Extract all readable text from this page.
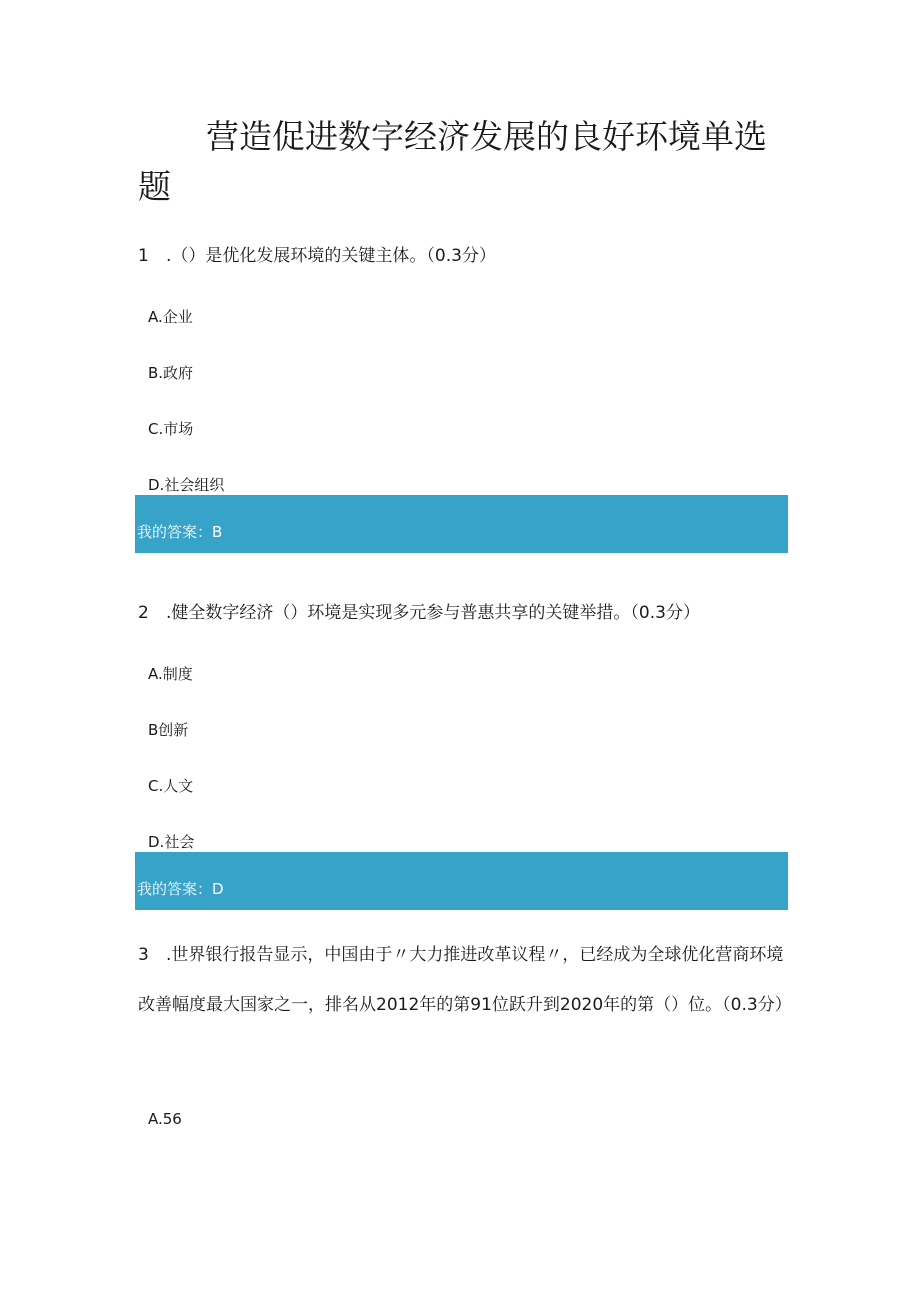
营造促进数字经济发展的良好环境单选题
1 .（）是优化发展环境的关键主体。（0.3分）
A.企业
B.政府
C.市场
D.社会组织
我的答案：B
2 .健全数字经济（）环境是实现多元参与普惠共享的关键举措。（0.3分）
A.制度
B创新
C.人文
D.社会
我的答案：D
3 .世界银行报告显示，中国由于〃大力推进改革议程〃，已经成为全球优化营商环境改善幅度最大国家之一，排名从2012年的第91位跃升到2020年的第（）位。（0.3分）
A.56
